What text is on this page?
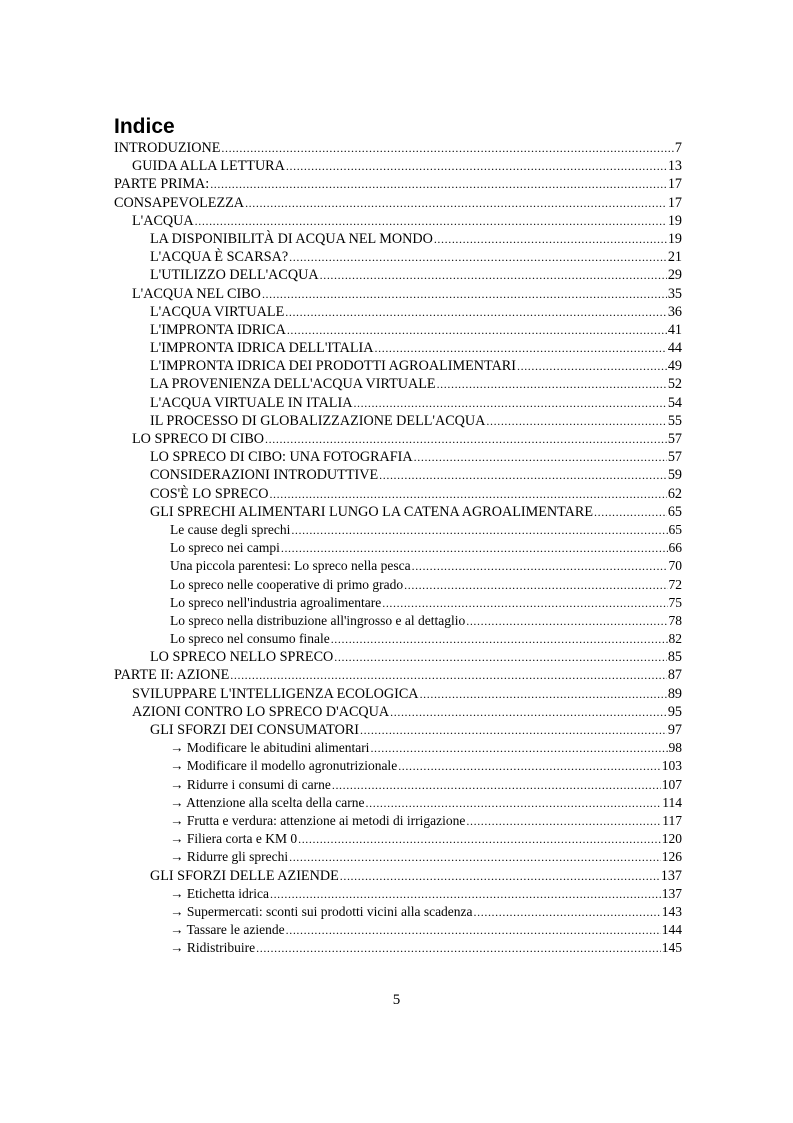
Indice
INTRODUZIONE .....	7
GUIDA ALLA LETTURA .....	13
PARTE PRIMA: .....	17
CONSAPEVOLEZZA .....	17
L'ACQUA .....	19
LA DISPONIBILITÀ DI ACQUA NEL MONDO .....	19
L'ACQUA È SCARSA? .....	21
L'UTILIZZO DELL'ACQUA .....	29
L'ACQUA NEL CIBO .....	35
L'ACQUA VIRTUALE .....	36
L'IMPRONTA IDRICA .....	41
L'IMPRONTA IDRICA DELL'ITALIA .....	44
L'IMPRONTA IDRICA DEI PRODOTTI AGROALIMENTARI .....	49
LA PROVENIENZA DELL'ACQUA VIRTUALE .....	52
L'ACQUA VIRTUALE IN ITALIA .....	54
IL PROCESSO DI GLOBALIZZAZIONE DELL'ACQUA .....	55
LO SPRECO DI CIBO .....	57
LO SPRECO DI CIBO: UNA FOTOGRAFIA .....	57
CONSIDERAZIONI INTRODUTTIVE .....	59
COS'È LO SPRECO .....	62
GLI SPRECHI ALIMENTARI LUNGO LA CATENA AGROALIMENTARE .....	65
Le cause degli sprechi .....	65
Lo spreco nei campi .....	66
Una piccola parentesi: Lo spreco nella pesca .....	70
Lo spreco nelle cooperative di primo grado .....	72
Lo spreco nell'industria agroalimentare .....	75
Lo spreco nella distribuzione all'ingrosso e al dettaglio .....	78
Lo spreco nel consumo finale .....	82
LO SPRECO NELLO SPRECO .....	85
PARTE II: AZIONE .....	87
SVILUPPARE L'INTELLIGENZA ECOLOGICA .....	89
AZIONI CONTRO LO SPRECO D'ACQUA .....	95
GLI SFORZI DEI CONSUMATORI .....	97
→ Modificare le abitudini alimentari .....	98
→ Modificare il modello agronutrizionale .....	103
→ Ridurre i consumi di carne .....	107
→ Attenzione alla scelta della carne .....	114
→ Frutta e verdura: attenzione ai metodi di irrigazione .....	117
→ Filiera corta e KM 0 .....	120
→ Ridurre gli sprechi .....	126
GLI SFORZI DELLE AZIENDE .....	137
→ Etichetta idrica .....	137
→ Supermercati: sconti sui prodotti vicini alla scadenza .....	143
→ Tassare le aziende .....	144
→ Ridistribuire .....	145
5
